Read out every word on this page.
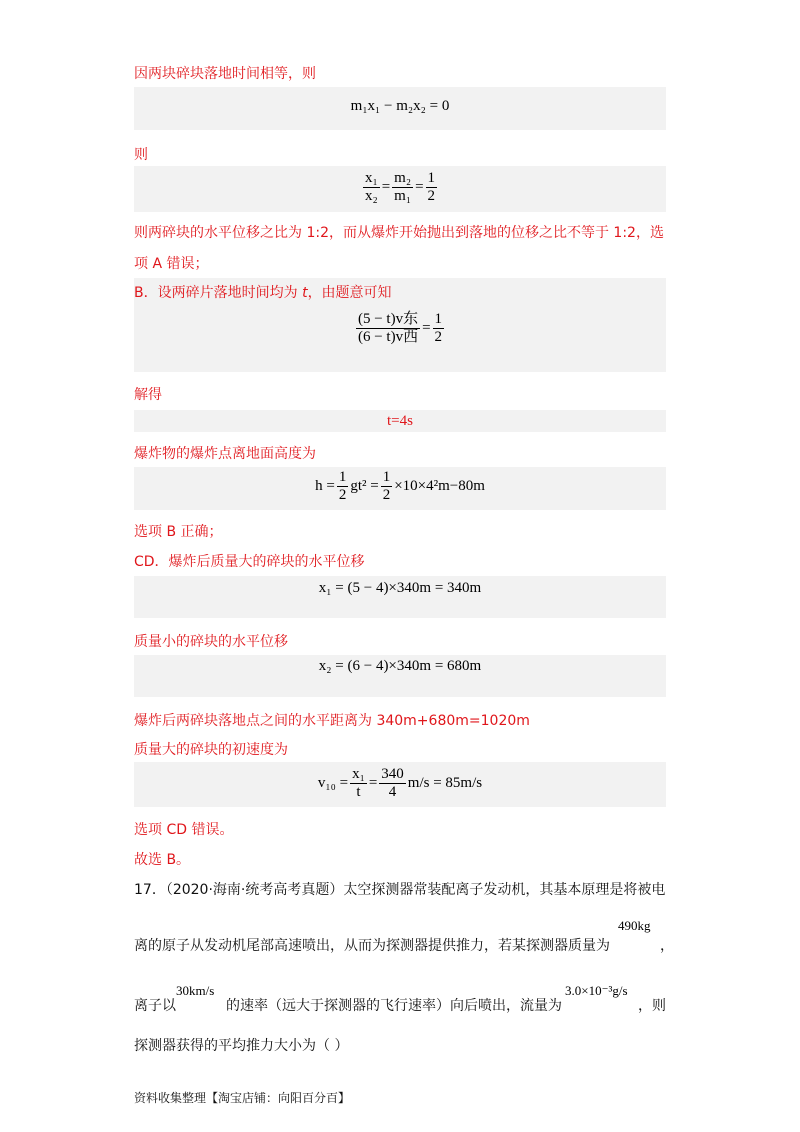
因两块碎块落地时间相等，则
m₁x₁ − m₂x₂ = 0
则
$\frac{\text{x₁}}{\text{x₂}} = \frac{\text{m₂}}{\text{m₁}} = \frac{1}{2}$
则两碎块的水平位移之比为 1:2，而从爆炸开始抛出到落地的位移之比不等于 1:2，选
项 A 错误；
B．设两碎片落地时间均为 t，由题意可知
$\frac{\text{(5 − t)v东}}{\text{(6 − t)v西}} = \frac{1}{2}$
解得
t=4s
爆炸物的爆炸点离地面高度为
$h = \frac{1}{2} gt^2 = \frac{1}{2} \times 10\times 4^2m-80m$
选项 B 正确；
CD．爆炸后质量大的碎块的水平位移
x₁ = (5 − 4)×340m = 340m
质量小的碎块的水平位移
x₂ = (6 − 4)×340m = 680m
爆炸后两碎块落地点之间的水平距离为 340m+680m=1020m
质量大的碎块的初速度为
$v_{10} = \frac{\text{x₁}}{t} = \frac{340}{4} m/s = 85m/s$
选项 CD 错误。
故选 B。
17．（2020·海南·统考高考真题）太空探测器常装配离子发动机，其基本原理是将被电
离的原子从发动机尾部高速喷出，从而为探测器提供推力，若某探测器质量为
490kg
，
离子以
30km/s
的速率（远大于探测器的飞行速率）向后喷出，流量为
3.0×10⁻³g/s
，则
探测器获得的平均推力大小为（ ）
资料收集整理【淘宝店铺：向阳百分百】
